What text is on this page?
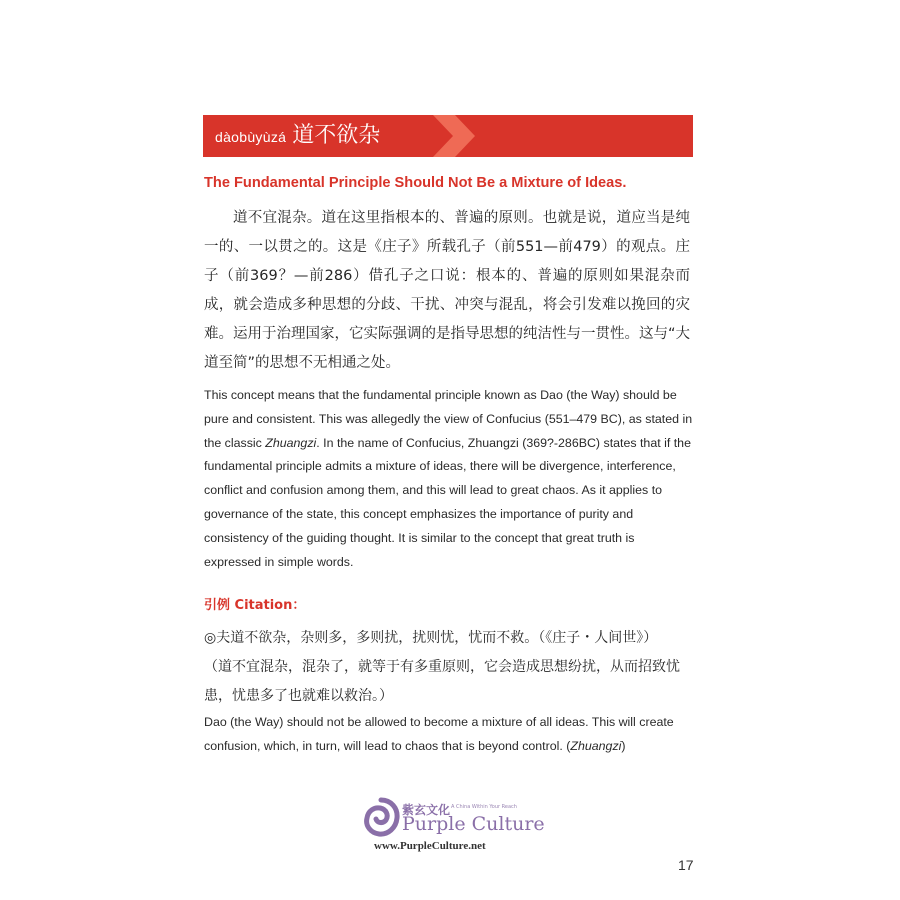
dàobùyùzá 道不欲杂
The Fundamental Principle Should Not Be a Mixture of Ideas.
道不宜混杂。道在这里指根本的、普遍的原则。也就是说，道应当是纯一的、一以贯之的。这是《庄子》所载孔子（前551—前479）的观点。庄子（前369？—前286）借孔子之口说：根本的、普遍的原则如果混杂而成，就会造成多种思想的分歧、干扰、冲突与混乱，将会引发难以挽回的灾难。运用于治理国家，它实际强调的是指导思想的纯洁性与一贯性。这与“大道至简”的思想不无相通之处。
This concept means that the fundamental principle known as Dao (the Way) should be pure and consistent. This was allegedly the view of Confucius (551–479 BC), as stated in the classic Zhuangzi. In the name of Confucius, Zhuangzi (369?-286BC) states that if the fundamental principle admits a mixture of ideas, there will be divergence, interference, conflict and confusion among them, and this will lead to great chaos. As it applies to governance of the state, this concept emphasizes the importance of purity and consistency of the guiding thought. It is similar to the concept that great truth is expressed in simple words.
引例 Citation：
◎夫道不欲杂，杂则多，多则扰，扰则忧，忧而不救。（《庄子・人间世》）
（道不宜混杂，混杂了，就等于有多重原则，它会造成思想纷扰，从而招致忧患，忧患多了也就难以救治。）
Dao (the Way) should not be allowed to become a mixture of all ideas. This will create confusion, which, in turn, will lead to chaos that is beyond control. (Zhuangzi)
紫玄文化 A China Within Your Reach
Purple Culture
www.PurpleCulture.net
17
